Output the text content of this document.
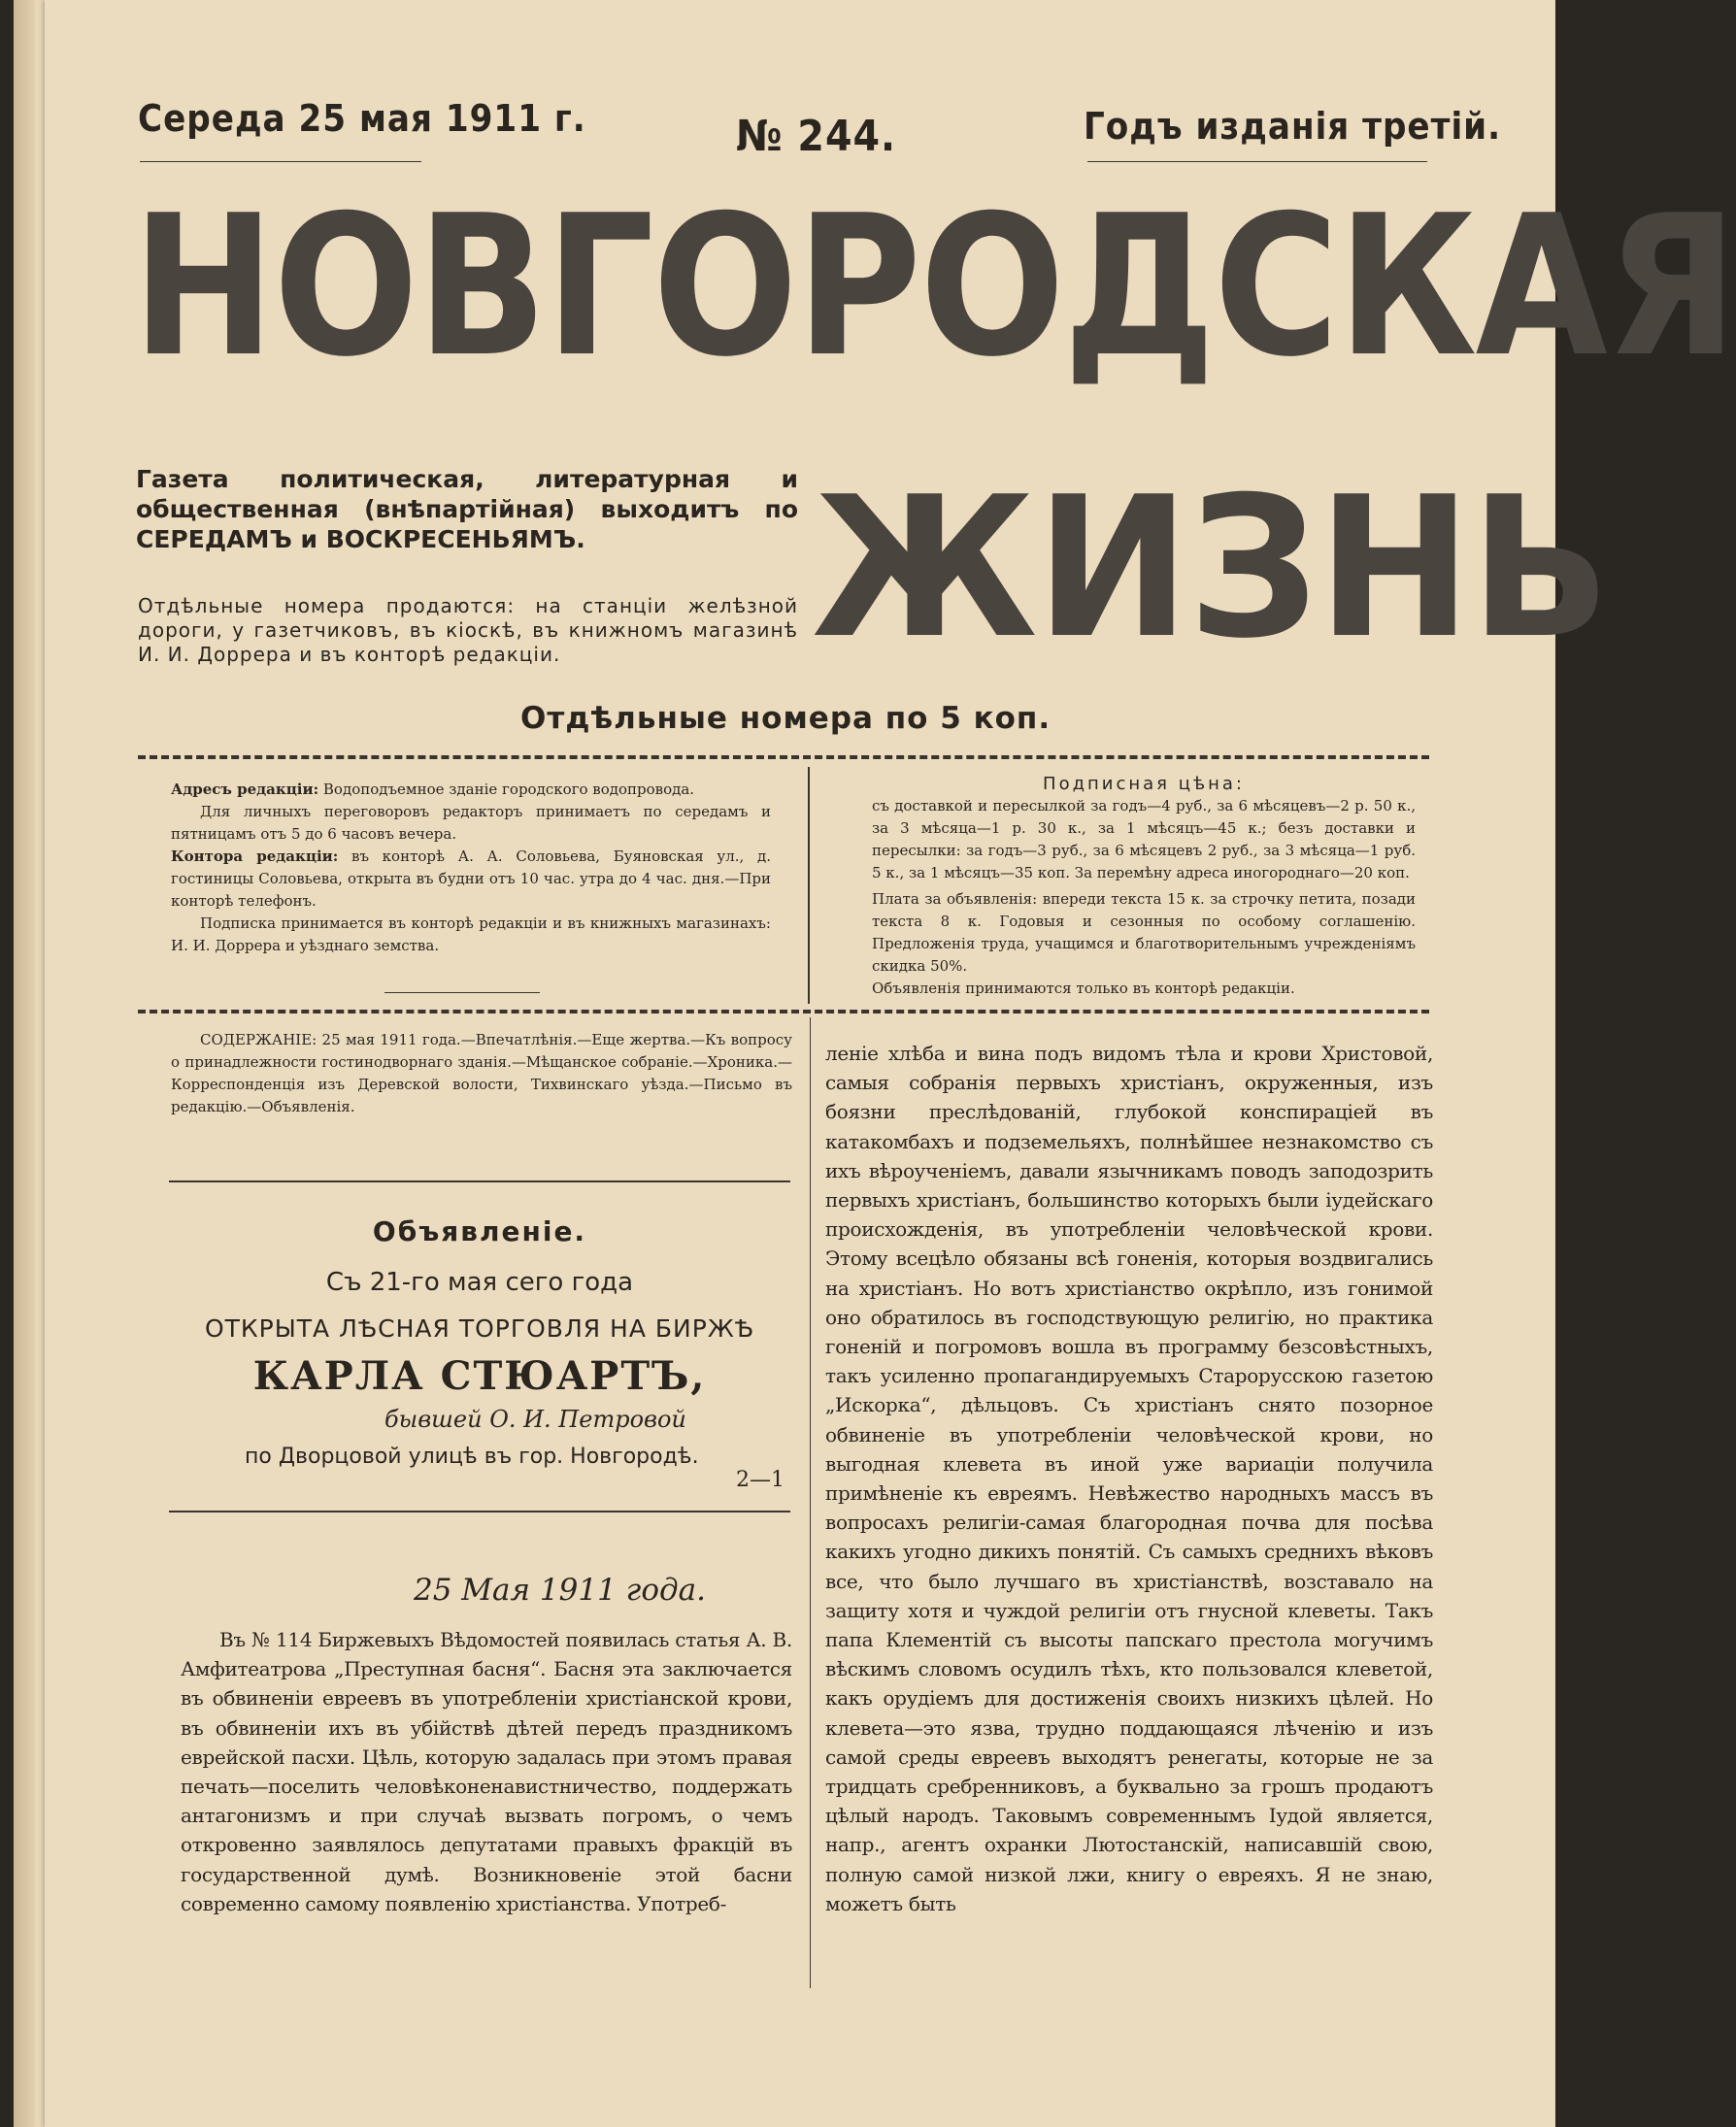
Середа 25 мая 1911 г.	№ 244.	Годъ изданія третій.
НОВГОРОДСКАЯ
ЖИЗНЬ
Газета политическая, литературная и общественная (внѣпартійная) выходитъ по СЕРЕДАМЪ и ВОСКРЕСЕНЬЯМЪ.
Отдѣльные номера продаются: на станціи желѣзной дороги, у газетчиковъ, въ кіоскѣ, въ книжномъ магазинѣ И. И. Доррера и въ конторѣ редакціи.
Отдѣльные номера по 5 коп.

Адресъ редакціи: Водоподъемное зданіе городского водопровода.

Для личныхъ переговоровъ редакторъ принимаетъ по середамъ и пятницамъ отъ 5 до 6 часовъ вечера.

Контора редакціи: въ конторѣ А. А. Соловьева, Буяновская ул., д. гостиницы Соловьева, открыта въ будни отъ 10 час. утра до 4 час. дня.—При конторѣ телефонъ.

Подписка принимается въ конторѣ редакціи и въ книжныхъ магазинахъ: И. И. Доррера и уѣзднаго земства.

Подписная цѣна:

съ доставкой и пересылкой за годъ—4 руб., за 6 мѣсяцевъ—2 р. 50 к., за 3 мѣсяца—1 р. 30 к., за 1 мѣсяцъ—45 к.; безъ доставки и пересылки: за годъ—3 руб., за 6 мѣсяцевъ 2 руб., за 3 мѣсяца—1 руб. 5 к., за 1 мѣсяцъ—35 коп. За перемѣну адреса иногороднаго—20 коп.

Плата за объявленія: впереди текста 15 к. за строчку петита, позади текста 8 к. Годовыя и сезонныя по особому соглашенію. Предложенія труда, учащимся и благотворительнымъ учрежденіямъ скидка 50%.

Объявленія принимаются только въ конторѣ редакціи.

СОДЕРЖАНІЕ: 25 мая 1911 года.—Впечатлѣнія.—Еще жертва.—Къ вопросу о принадлежности гостинодворнаго зданія.—Мѣщанское собраніе.—Хроника.—Корреспонденція изъ Деревской волости, Тихвинскаго уѣзда.—Письмо въ редакцію.—Объявленія.
Объявленіе.
Съ 21-го мая сего года
ОТКРЫТА ЛѢСНАЯ ТОРГОВЛЯ НА БИРЖѢ
КАРЛА СТЮАРТЪ,
бывшей О. И. Петровой
по Дворцовой улицѣ въ гор. Новгородѣ.
2—1
25 Мая 1911 года.
Въ № 114 Биржевыхъ Вѣдомостей появилась статья А. В. Амфитеатрова „Преступная басня“. Басня эта заключается въ обвиненіи евреевъ въ употребленіи христіанской крови, въ обвиненіи ихъ въ убійствѣ дѣтей передъ праздникомъ еврейской пасхи. Цѣль, которую задалась при этомъ правая печать—поселить человѣконенавистничество, поддержать антагонизмъ и при случаѣ вызвать погромъ, о чемъ откровенно заявлялось депутатами правыхъ фракцій въ государственной думѣ. Возникновеніе этой басни современно самому появленію христіанства. Употреб-
леніе хлѣба и вина подъ видомъ тѣла и крови Христовой, самыя собранія первыхъ христіанъ, окруженныя, изъ боязни преслѣдованій, глубокой конспираціей въ катакомбахъ и подземельяхъ, полнѣйшее незнакомство съ ихъ вѣроученіемъ, давали язычникамъ поводъ заподозрить первыхъ христіанъ, большинство которыхъ были іудейскаго происхожденія, въ употребленіи человѣческой крови. Этому всецѣло обязаны всѣ гоненія, которыя воздвигались на христіанъ. Но вотъ христіанство окрѣпло, изъ гонимой оно обратилось въ господствующую религію, но практика гоненій и погромовъ вошла въ программу безсовѣстныхъ, такъ усиленно пропагандируемыхъ Старорусскою газетою „Искорка“, дѣльцовъ. Съ христіанъ снято позорное обвиненіе въ употребленіи человѣческой крови, но выгодная клевета въ иной уже вариаціи получила примѣненіе къ евреямъ. Невѣжество народныхъ массъ въ вопросахъ религіи-самая благородная почва для посѣва какихъ угодно дикихъ понятій. Съ самыхъ среднихъ вѣковъ все, что было лучшаго въ христіанствѣ, возставало на защиту хотя и чуждой религіи отъ гнусной клеветы. Такъ папа Клементій съ высоты папскаго престола могучимъ вѣскимъ словомъ осудилъ тѣхъ, кто пользовался клеветой, какъ орудіемъ для достиженія своихъ низкихъ цѣлей. Но клевета—это язва, трудно поддающаяся лѣченію и изъ самой среды евреевъ выходятъ ренегаты, которые не за тридцать сребренниковъ, а буквально за грошъ продаютъ цѣлый народъ. Таковымъ современнымъ Іудой является, напр., агентъ охранки Лютостанскій, написавшій свою, полную самой низкой лжи, книгу о евреяхъ. Я не знаю, можетъ быть
